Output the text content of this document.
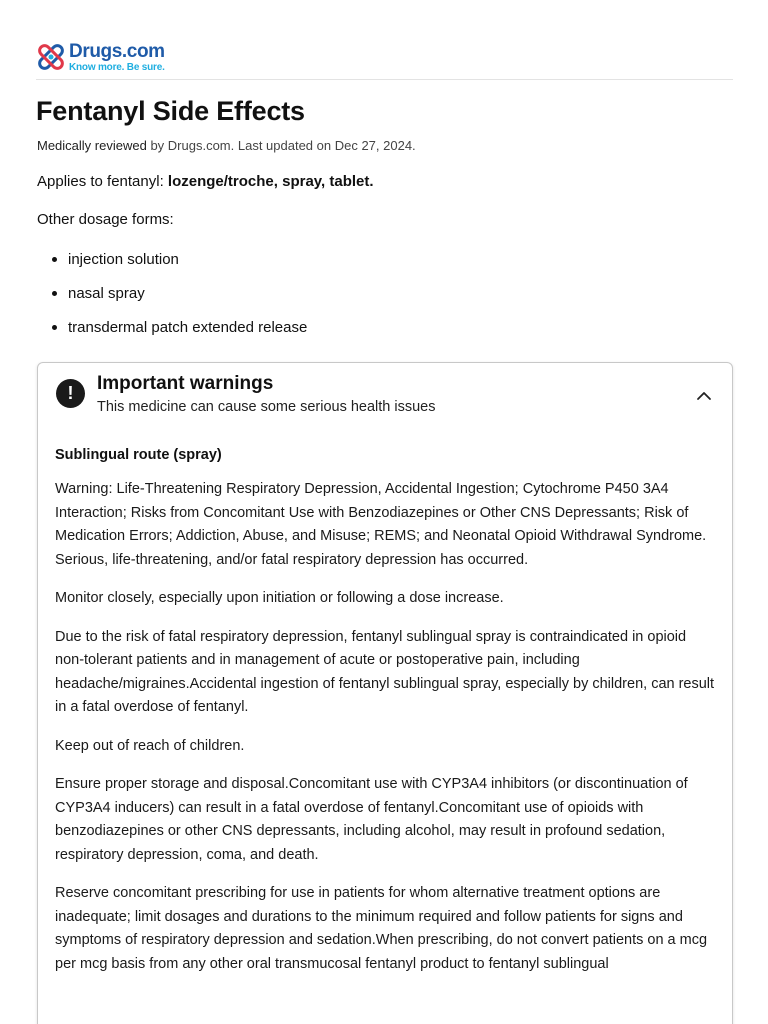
Drugs.com
Know more. Be sure.
Fentanyl Side Effects
Medically reviewed by Drugs.com. Last updated on Dec 27, 2024.
Applies to fentanyl: lozenge/troche, spray, tablet.
Other dosage forms:
injection solution
nasal spray
transdermal patch extended release
!	Important warnings
This medicine can cause some serious health issues
Sublingual route (spray)

Warning: Life-Threatening Respiratory Depression, Accidental Ingestion; Cytochrome P450 3A4 Interaction; Risks from Concomitant Use with Benzodiazepines or Other CNS Depressants; Risk of Medication Errors; Addiction, Abuse, and Misuse; REMS; and Neonatal Opioid Withdrawal Syndrome. Serious, life-threatening, and/or fatal respiratory depression has occurred.

Monitor closely, especially upon initiation or following a dose increase.

Due to the risk of fatal respiratory depression, fentanyl sublingual spray is contraindicated in opioid non-tolerant patients and in management of acute or postoperative pain, including headache/migraines.Accidental ingestion of fentanyl sublingual spray, especially by children, can result in a fatal overdose of fentanyl.

Keep out of reach of children.

Ensure proper storage and disposal.Concomitant use with CYP3A4 inhibitors (or discontinuation of CYP3A4 inducers) can result in a fatal overdose of fentanyl.Concomitant use of opioids with benzodiazepines or other CNS depressants, including alcohol, may result in profound sedation, respiratory depression, coma, and death.

Reserve concomitant prescribing for use in patients for whom alternative treatment options are inadequate; limit dosages and durations to the minimum required and follow patients for signs and symptoms of respiratory depression and sedation.When prescribing, do not convert patients on a mcg per mcg basis from any other oral transmucosal fentanyl product to fentanyl sublingual
